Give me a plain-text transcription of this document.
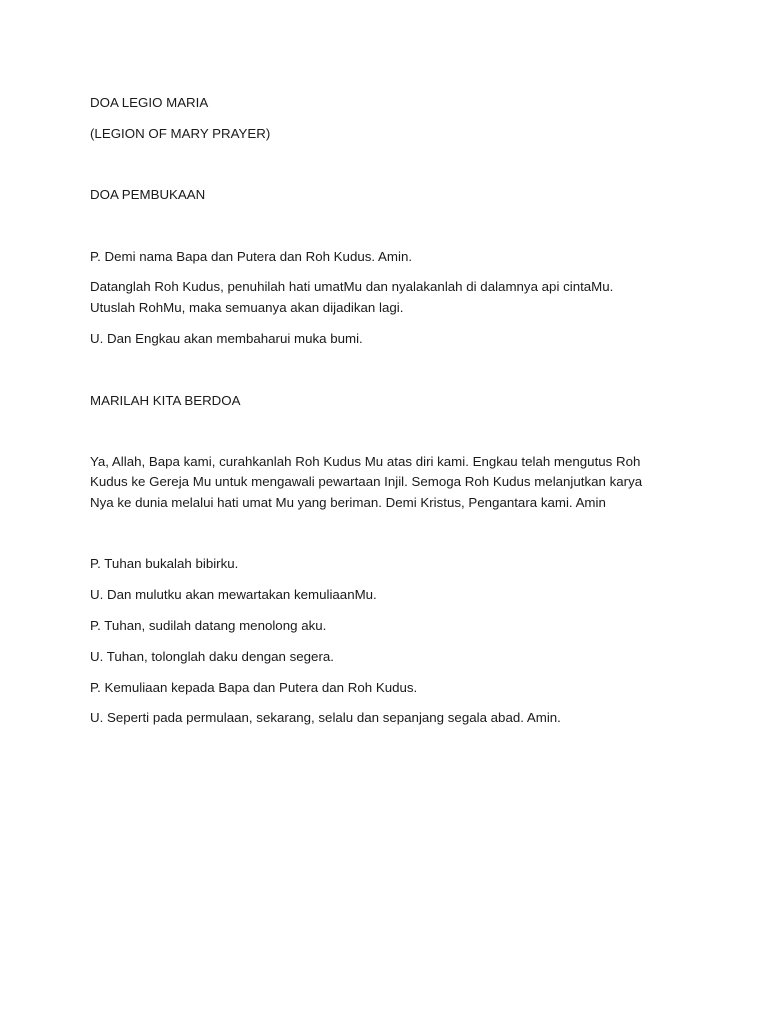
DOA LEGIO MARIA
(LEGION OF MARY PRAYER)
DOA PEMBUKAAN
P. Demi nama Bapa dan Putera dan Roh Kudus. Amin.
Datanglah Roh Kudus, penuhilah hati umatMu dan nyalakanlah di dalamnya api cintaMu.
Utuslah RohMu, maka semuanya akan dijadikan lagi.
U. Dan Engkau akan membaharui muka bumi.
MARILAH KITA BERDOA
Ya, Allah, Bapa kami, curahkanlah Roh Kudus Mu atas diri kami. Engkau telah mengutus Roh
Kudus ke Gereja Mu untuk mengawali pewartaan Injil. Semoga Roh Kudus melanjutkan karya
Nya ke dunia melalui hati umat Mu yang beriman. Demi Kristus, Pengantara kami. Amin
P. Tuhan bukalah bibirku.
U. Dan mulutku akan mewartakan kemuliaanMu.
P. Tuhan, sudilah datang menolong aku.
U. Tuhan, tolonglah daku dengan segera.
P. Kemuliaan kepada Bapa dan Putera dan Roh Kudus.
U. Seperti pada permulaan, sekarang, selalu dan sepanjang segala abad. Amin.
